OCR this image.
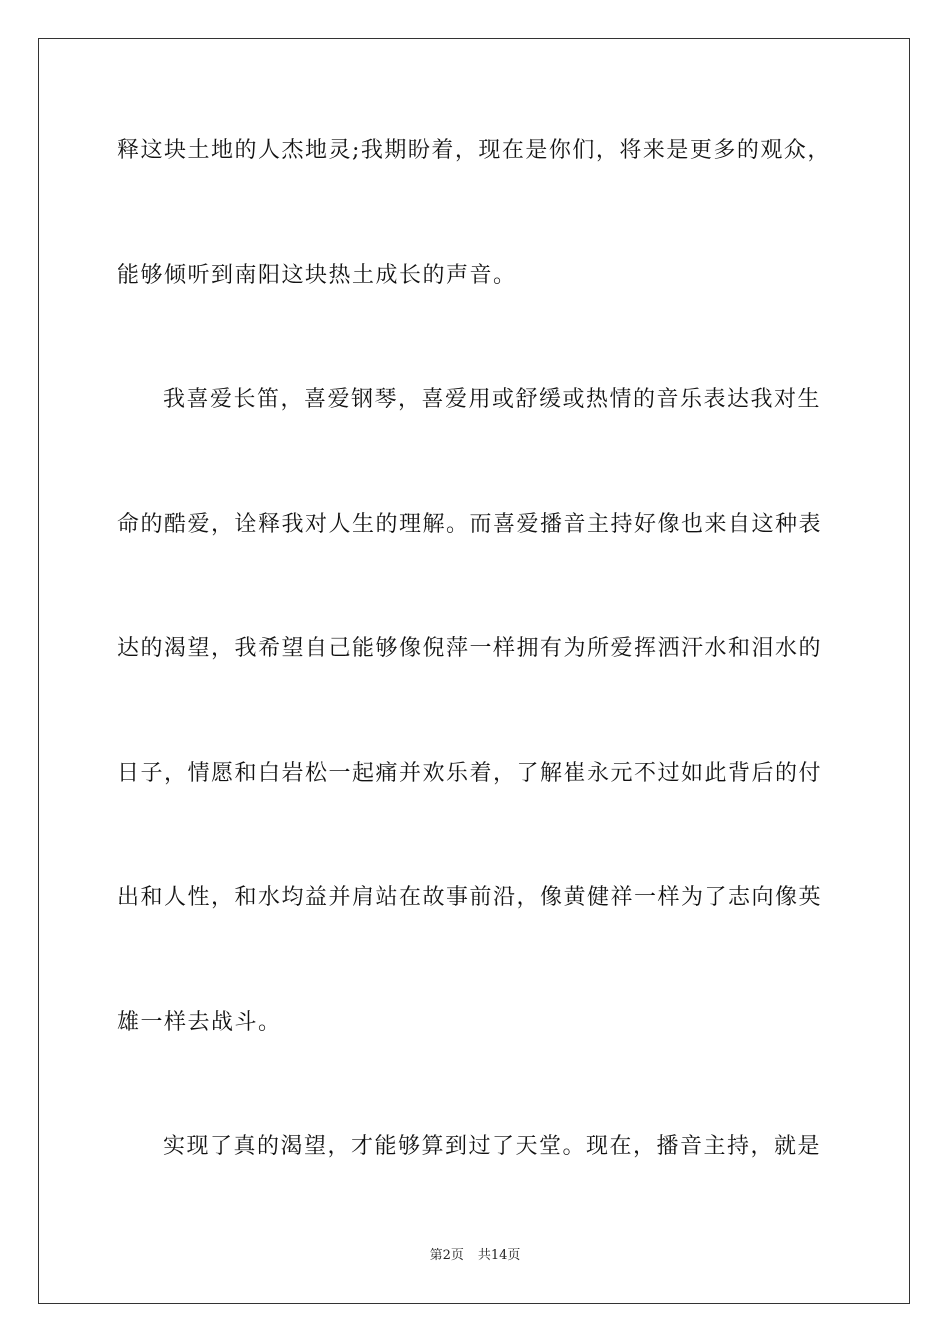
释这块土地的人杰地灵;我期盼着，现在是你们，将来是更多的观众，
能够倾听到南阳这块热土成长的声音。
我喜爱长笛，喜爱钢琴，喜爱用或舒缓或热情的音乐表达我对生
命的酷爱，诠释我对人生的理解。而喜爱播音主持好像也来自这种表
达的渴望，我希望自己能够像倪萍一样拥有为所爱挥洒汗水和泪水的
日子，情愿和白岩松一起痛并欢乐着，了解崔永元不过如此背后的付
出和人性，和水均益并肩站在故事前沿，像黄健祥一样为了志向像英
雄一样去战斗。
实现了真的渴望，才能够算到过了天堂。现在，播音主持，就是
第2页 共14页
